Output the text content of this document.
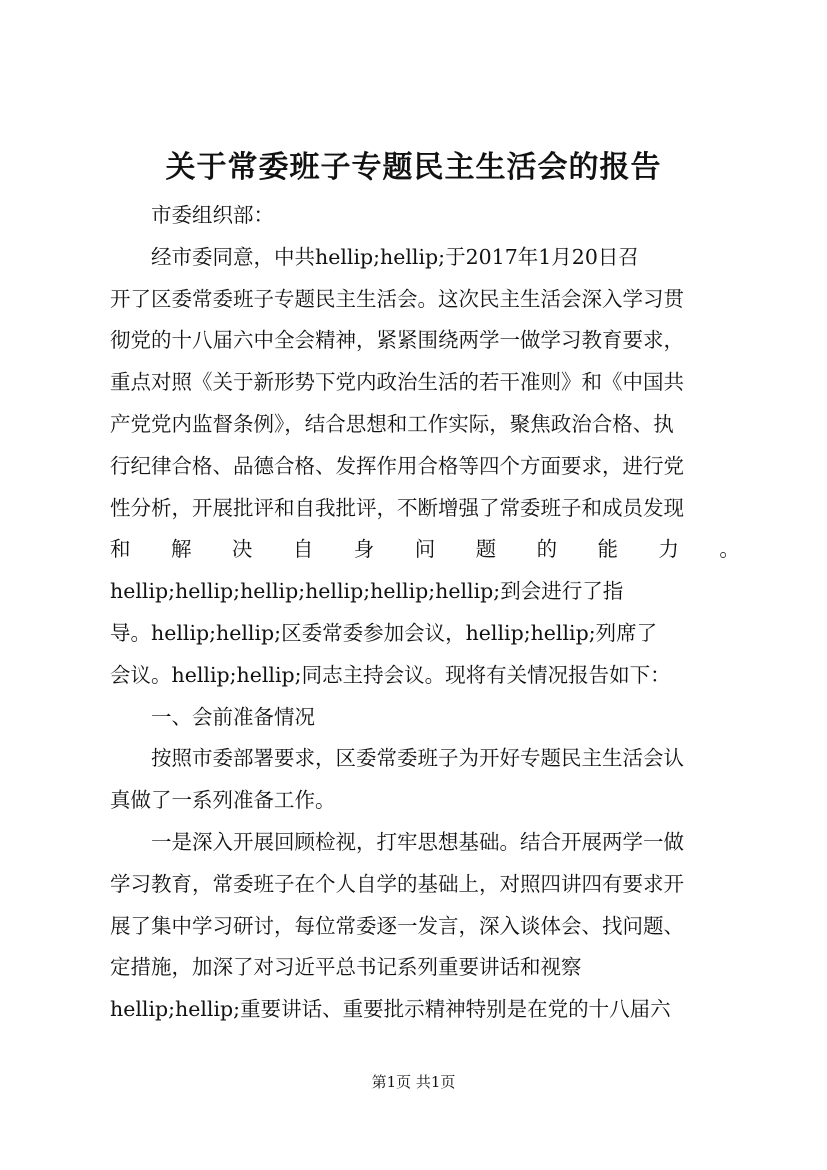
关于常委班子专题民主生活会的报告
　　市委组织部：
　　经市委同意，中共hellip;hellip;于2017年1月20日召
开了区委常委班子专题民主生活会。这次民主生活会深入学习贯
彻党的十八届六中全会精神，紧紧围绕两学一做学习教育要求，
重点对照《关于新形势下党内政治生活的若干准则》和《中国共
产党党内监督条例》，结合思想和工作实际，聚焦政治合格、执
行纪律合格、品德合格、发挥作用合格等四个方面要求，进行党
性分析，开展批评和自我批评，不断增强了常委班子和成员发现
和 解 决 自 身 问 题 的 能 力 。
hellip;hellip;hellip;hellip;hellip;hellip;到会进行了指
导。hellip;hellip;区委常委参加会议，hellip;hellip;列席了
会议。hellip;hellip;同志主持会议。现将有关情况报告如下：
　　一、会前准备情况
　　按照市委部署要求，区委常委班子为开好专题民主生活会认
真做了一系列准备工作。
　　一是深入开展回顾检视，打牢思想基础。结合开展两学一做
学习教育，常委班子在个人自学的基础上，对照四讲四有要求开
展了集中学习研讨，每位常委逐一发言，深入谈体会、找问题、
定措施，加深了对习近平总书记系列重要讲话和视察
hellip;hellip;重要讲话、重要批示精神特别是在党的十八届六
第1页 共1页
